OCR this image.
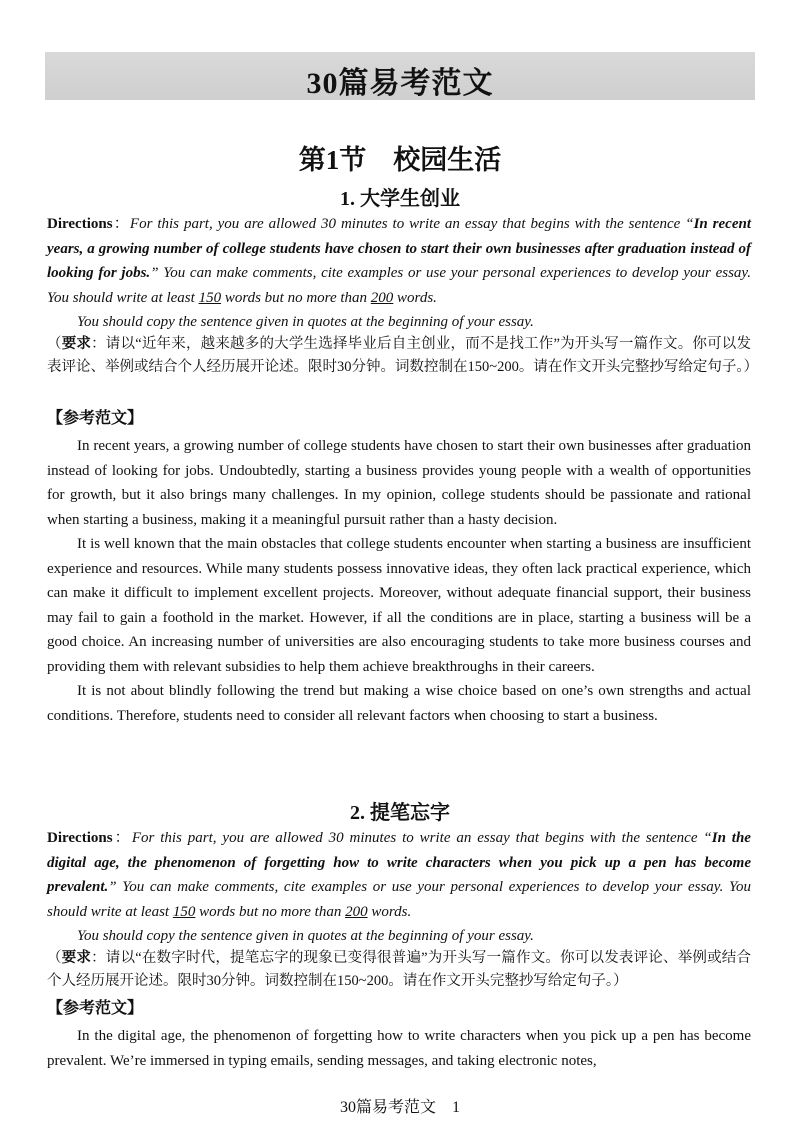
30篇易考范文
第1节　校园生活
1. 大学生创业
Directions：For this part, you are allowed 30 minutes to write an essay that begins with the sentence “In recent years, a growing number of college students have chosen to start their own businesses after graduation instead of looking for jobs.” You can make comments, cite examples or use your personal experiences to develop your essay. You should write at least 150 words but no more than 200 words.
You should copy the sentence given in quotes at the beginning of your essay.
（要求：请以“近年来，越来越多的大学生选择毕业后自主创业，而不是找工作”为开头写一篇作文。你可以发表评论、举例或结合个人经历展开论述。限时30分钟。词数控制在150~200。请在作文开头完整抄写给定句子。）
【参考范文】

In recent years, a growing number of college students have chosen to start their own businesses after graduation instead of looking for jobs. Undoubtedly, starting a business provides young people with a wealth of opportunities for growth, but it also brings many challenges. In my opinion, college students should be passionate and rational when starting a business, making it a meaningful pursuit rather than a hasty decision.

It is well known that the main obstacles that college students encounter when starting a business are insufficient experience and resources. While many students possess innovative ideas, they often lack practical experience, which can make it difficult to implement excellent projects. Moreover, without adequate financial support, their business may fail to gain a foothold in the market. However, if all the conditions are in place, starting a business will be a good choice. An increasing number of universities are also encouraging students to take more business courses and providing them with relevant subsidies to help them achieve breakthroughs in their careers.

It is not about blindly following the trend but making a wise choice based on one’s own strengths and actual conditions. Therefore, students need to consider all relevant factors when choosing to start a business.

2. 提笔忘字
Directions：For this part, you are allowed 30 minutes to write an essay that begins with the sentence “In the digital age, the phenomenon of forgetting how to write characters when you pick up a pen has become prevalent.” You can make comments, cite examples or use your personal experiences to develop your essay. You should write at least 150 words but no more than 200 words.
You should copy the sentence given in quotes at the beginning of your essay.
（要求：请以“在数字时代，提笔忘字的现象已变得很普遍”为开头写一篇作文。你可以发表评论、举例或结合个人经历展开论述。限时30分钟。词数控制在150~200。请在作文开头完整抄写给定句子。）
【参考范文】

In the digital age, the phenomenon of forgetting how to write characters when you pick up a pen has become prevalent. We’re immersed in typing emails, sending messages, and taking electronic notes,

30篇易考范文 1
